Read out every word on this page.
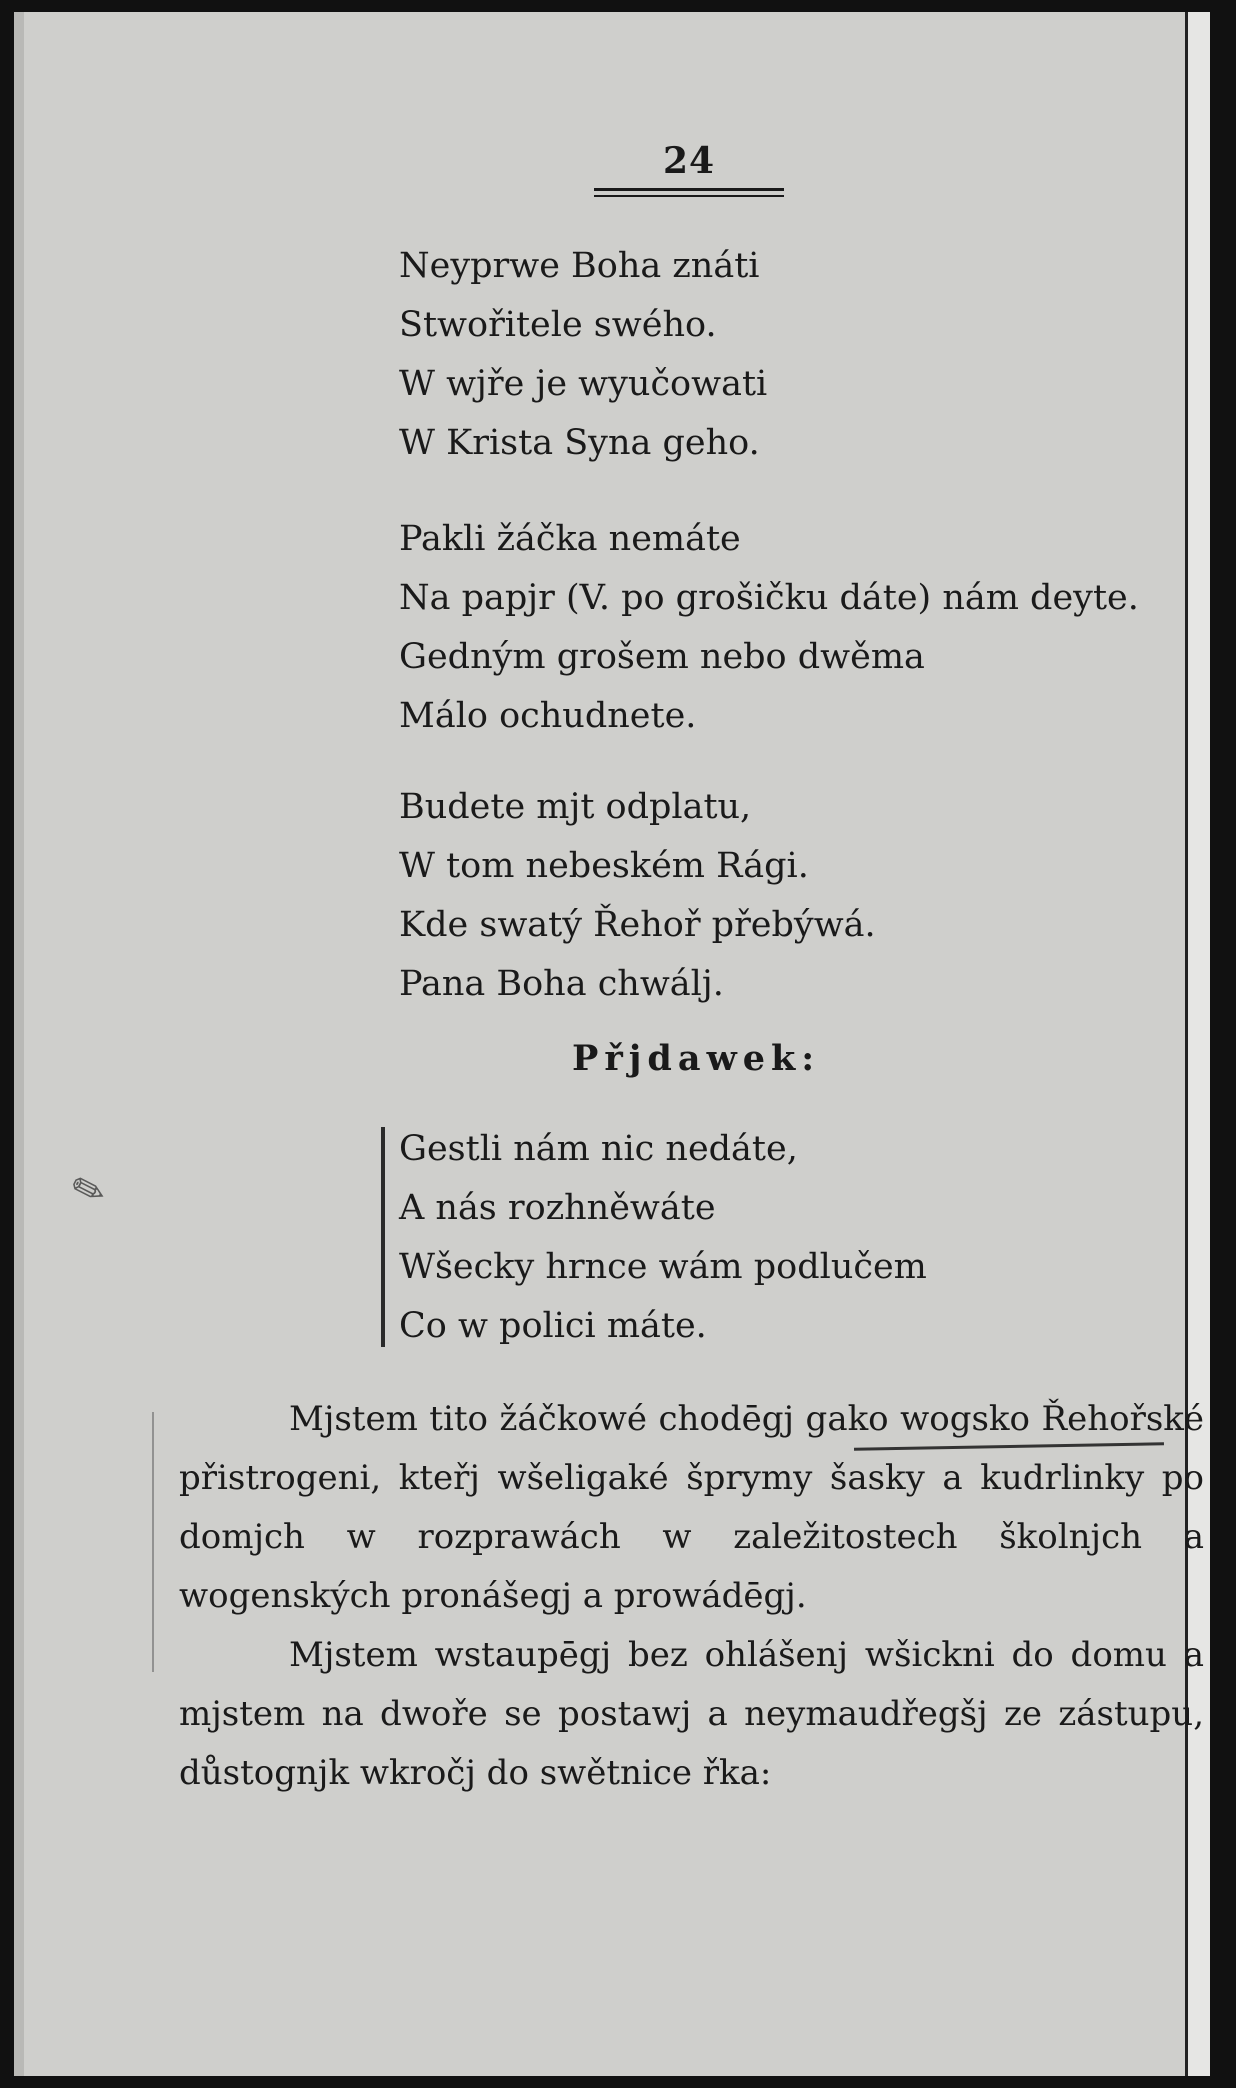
24
Neyprwe Boha znáti
Stwořitele swého.
W wjře je wyučowati
W Krista Syna geho.
Pakli žáčka nemáte
Na papjr (V. po grošičku dáte) nám deyte.
Gedným grošem nebo dwěma
Málo ochudnete.
Budete mjt odplatu,
W tom nebeském Rági.
Kde swatý Řehoř přebýwá.
Pana Boha chwálj.
Přjdawek:
Gestli nám nic nedáte,
A nás rozhněwáte
Wšecky hrnce wám podlučem
Co w polici máte.
✎

Mjstem tito žáčkowé chodēgj gako wogsko Řehořské přistrogeni, kteřj wšeligaké šprymy šasky a kudrlinky po domjch w rozprawách w zaležitostech školnjch a wogenských pronášegj a prowádēgj.

Mjstem wstaupēgj bez ohlášenj wšickni do domu a mjstem na dwoře se postawj a neymaudřegšj ze zástupu, důstognjk wkročj do swětnice řka:
